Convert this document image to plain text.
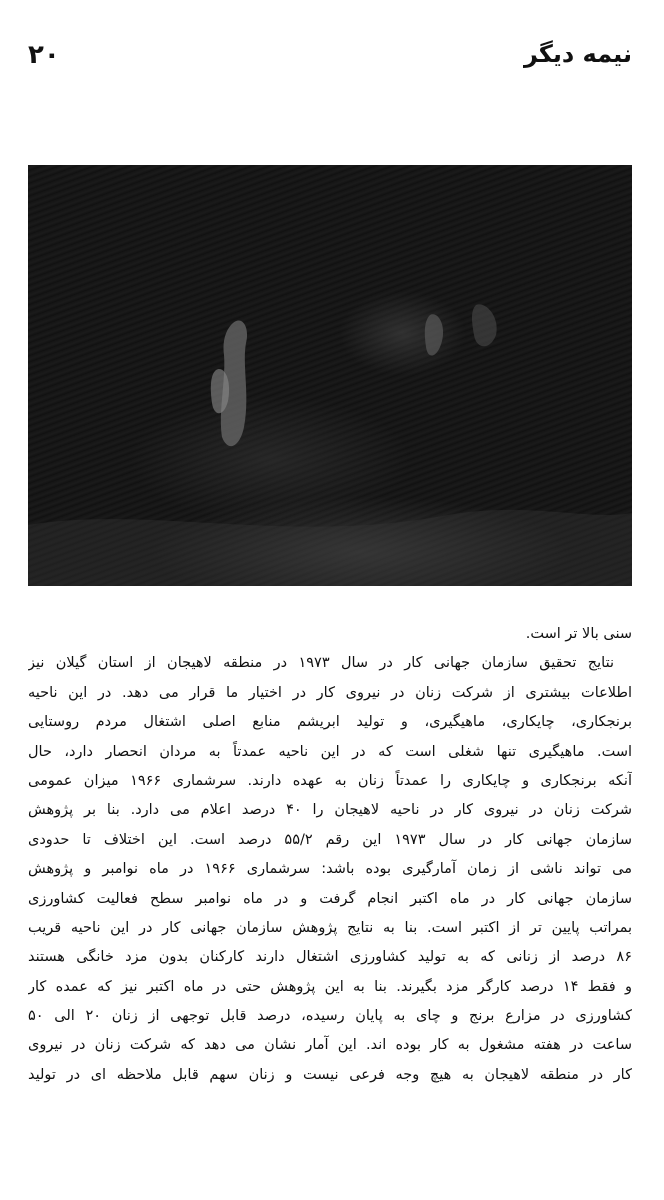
۲۰	نیمه دیگر
سنی بالا تر است.
نتایج تحقیق سازمان جهانی کار در سال ۱۹۷۳ در منطقه لاهیجان از استان گیلان نیز
اطلاعات بیشتری از شرکت زنان در نیروی کار در اختیار ما قرار می دهد. در این ناحیه
برنجکاری، چایکاری، ماهیگیری، و تولید ابریشم منابع اصلی اشتغال مردم روستایی
است. ماهیگیری تنها شغلی است که در این ناحیه عمدتاً به مردان انحصار دارد، حال
آنکه برنجکاری و چایکاری را عمدتاً زنان به عهده دارند. سرشماری ۱۹۶۶ میزان عمومی
شرکت زنان در نیروی کار در ناحیه لاهیجان را ۴۰ درصد اعلام می دارد. بنا بر پژوهش
سازمان جهانی کار در سال ۱۹۷۳ این رقم ۵۵/۲ درصد است. این اختلاف تا حدودی
می تواند ناشی از زمان آمارگیری بوده باشد: سرشماری ۱۹۶۶ در ماه نوامبر و پژوهش
سازمان جهانی کار در ماه اکتبر انجام گرفت و در ماه نوامبر سطح فعالیت کشاورزی
بمراتب پایین تر از اکتبر است. بنا به نتایج پژوهش سازمان جهانی کار در این ناحیه قریب
۸۶ درصد از زنانی که به تولید کشاورزی اشتغال دارند کارکنان بدون مزد خانگی هستند
و فقط ۱۴ درصد کارگر مزد بگیرند. بنا به این پژوهش حتی در ماه اکتبر نیز که عمده کار
کشاورزی در مزارع برنج و چای به پایان رسیده، درصد قابل توجهی از زنان ۲۰ الی ۵۰
ساعت در هفته مشغول به کار بوده اند. این آمار نشان می دهد که شرکت زنان در نیروی
کار در منطقه لاهیجان به هیچ وجه فرعی نیست و زنان سهم قابل ملاحظه ای در تولید
